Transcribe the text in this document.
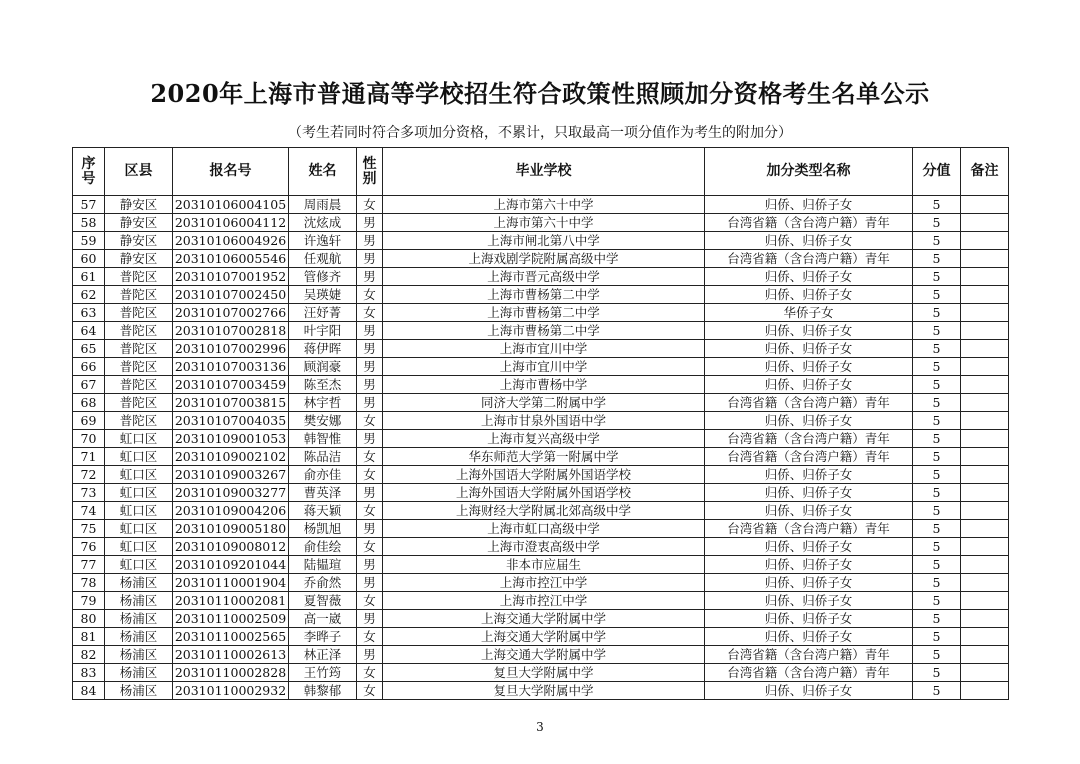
2020年上海市普通高等学校招生符合政策性照顾加分资格考生名单公示
（考生若同时符合多项加分资格，不累计，只取最高一项分值作为考生的附加分）
序号	区县	报名号	姓名	性别	毕业学校	加分类型名称	分值	备注
57	静安区	20310106004105	周雨晨	女	上海市第六十中学	归侨、归侨子女	5	
58	静安区	20310106004112	沈炫成	男	上海市第六十中学	台湾省籍（含台湾户籍）青年	5	
59	静安区	20310106004926	许逸轩	男	上海市闸北第八中学	归侨、归侨子女	5	
60	静安区	20310106005546	任观航	男	上海戏剧学院附属高级中学	台湾省籍（含台湾户籍）青年	5	
61	普陀区	20310107001952	管修齐	男	上海市晋元高级中学	归侨、归侨子女	5	
62	普陀区	20310107002450	吴瑛婕	女	上海市曹杨第二中学	归侨、归侨子女	5	
63	普陀区	20310107002766	汪妤菁	女	上海市曹杨第二中学	华侨子女	5	
64	普陀区	20310107002818	叶宇阳	男	上海市曹杨第二中学	归侨、归侨子女	5	
65	普陀区	20310107002996	蒋伊晖	男	上海市宜川中学	归侨、归侨子女	5	
66	普陀区	20310107003136	顾润豪	男	上海市宜川中学	归侨、归侨子女	5	
67	普陀区	20310107003459	陈至杰	男	上海市曹杨中学	归侨、归侨子女	5	
68	普陀区	20310107003815	林宇哲	男	同济大学第二附属中学	台湾省籍（含台湾户籍）青年	5	
69	普陀区	20310107004035	樊安娜	女	上海市甘泉外国语中学	归侨、归侨子女	5	
70	虹口区	20310109001053	韩智惟	男	上海市复兴高级中学	台湾省籍（含台湾户籍）青年	5	
71	虹口区	20310109002102	陈品洁	女	华东师范大学第一附属中学	台湾省籍（含台湾户籍）青年	5	
72	虹口区	20310109003267	俞亦佳	女	上海外国语大学附属外国语学校	归侨、归侨子女	5	
73	虹口区	20310109003277	曹英泽	男	上海外国语大学附属外国语学校	归侨、归侨子女	5	
74	虹口区	20310109004206	蒋天颖	女	上海财经大学附属北郊高级中学	归侨、归侨子女	5	
75	虹口区	20310109005180	杨凯旭	男	上海市虹口高级中学	台湾省籍（含台湾户籍）青年	5	
76	虹口区	20310109008012	俞佳绘	女	上海市澄衷高级中学	归侨、归侨子女	5	
77	虹口区	20310109201044	陆韫瑄	男	非本市应届生	归侨、归侨子女	5	
78	杨浦区	20310110001904	乔俞然	男	上海市控江中学	归侨、归侨子女	5	
79	杨浦区	20310110002081	夏智薇	女	上海市控江中学	归侨、归侨子女	5	
80	杨浦区	20310110002509	高一崴	男	上海交通大学附属中学	归侨、归侨子女	5	
81	杨浦区	20310110002565	李晔子	女	上海交通大学附属中学	归侨、归侨子女	5	
82	杨浦区	20310110002613	林正泽	男	上海交通大学附属中学	台湾省籍（含台湾户籍）青年	5	
83	杨浦区	20310110002828	王竹筠	女	复旦大学附属中学	台湾省籍（含台湾户籍）青年	5	
84	杨浦区	20310110002932	韩黎郁	女	复旦大学附属中学	归侨、归侨子女	5	
3
